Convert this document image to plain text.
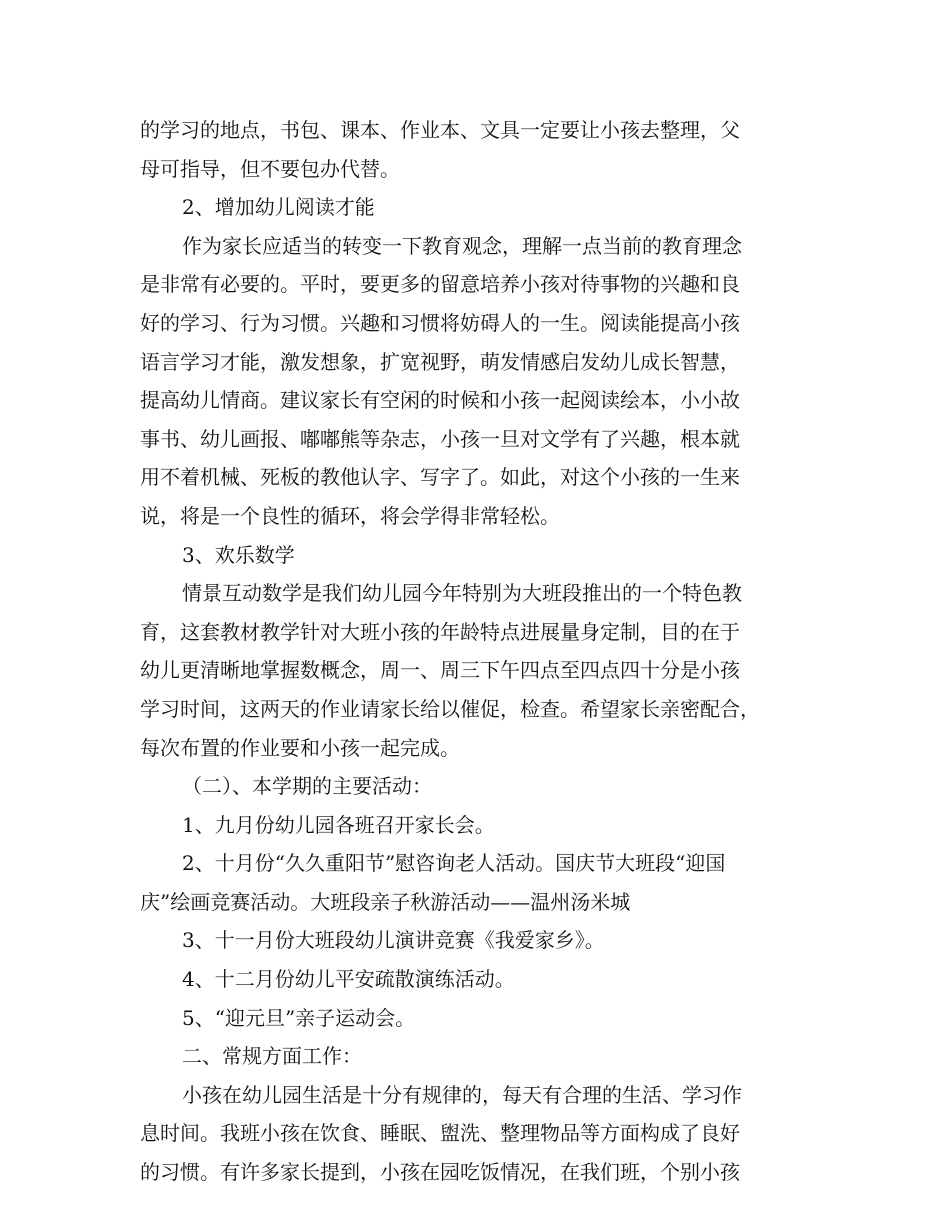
的学习的地点，书包、课本、作业本、文具一定要让小孩去整理，父
母可指导，但不要包办代替。
2、增加幼儿阅读才能
作为家长应适当的转变一下教育观念，理解一点当前的教育理念
是非常有必要的。平时，要更多的留意培养小孩对待事物的兴趣和良
好的学习、行为习惯。兴趣和习惯将妨碍人的一生。阅读能提高小孩
语言学习才能，激发想象，扩宽视野，萌发情感启发幼儿成长智慧，
提高幼儿情商。建议家长有空闲的时候和小孩一起阅读绘本，小小故
事书、幼儿画报、嘟嘟熊等杂志，小孩一旦对文学有了兴趣，根本就
用不着机械、死板的教他认字、写字了。如此，对这个小孩的一生来
说，将是一个良性的循环，将会学得非常轻松。
3、欢乐数学
情景互动数学是我们幼儿园今年特别为大班段推出的一个特色教
育，这套教材教学针对大班小孩的年龄特点进展量身定制，目的在于
幼儿更清晰地掌握数概念，周一、周三下午四点至四点四十分是小孩
学习时间，这两天的作业请家长给以催促，检查。希望家长亲密配合，
每次布置的作业要和小孩一起完成。
（二）、本学期的主要活动：
1、九月份幼儿园各班召开家长会。
2、十月份“久久重阳节”慰咨询老人活动。国庆节大班段“迎国
庆”绘画竞赛活动。大班段亲子秋游活动——温州汤米城
3、十一月份大班段幼儿演讲竞赛《我爱家乡》。
4、十二月份幼儿平安疏散演练活动。
5、“迎元旦”亲子运动会。
二、常规方面工作：
小孩在幼儿园生活是十分有规律的，每天有合理的生活、学习作
息时间。我班小孩在饮食、睡眠、盥洗、整理物品等方面构成了良好
的习惯。有许多家长提到，小孩在园吃饭情况，在我们班，个别小孩
